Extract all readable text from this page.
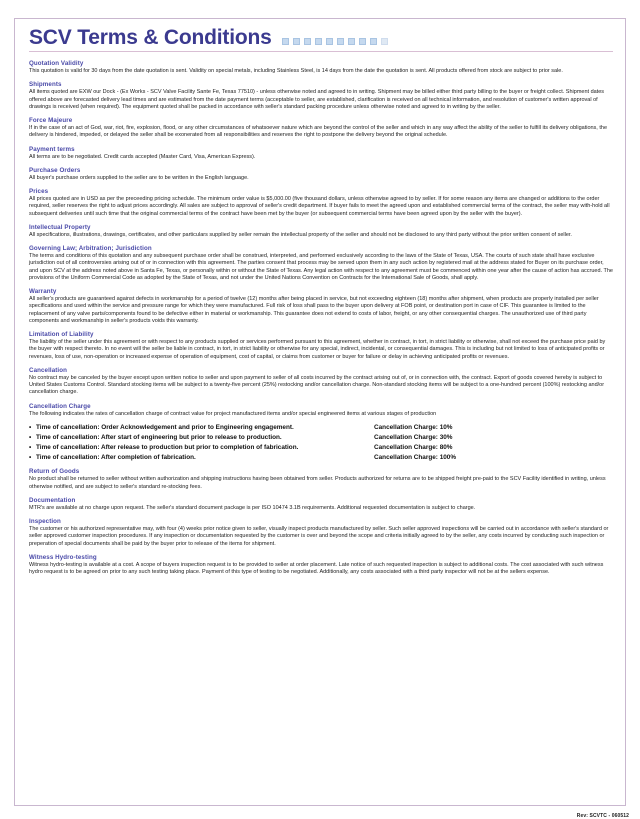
SCV Terms & Conditions
Quotation Validity

This quotation is valid for 30 days from the date quotation is sent. Validity on special metals, including Stainless Steel, is 14 days from the date the quotation is sent. All products offered from stock are subject to prior sale.

Shipments

All items quoted are EXW our Dock - (Ex Works - SCV Valve Facility Sante Fe, Texas 77510) - unless otherwise noted and agreed to in writing. Shipment may be billed either third party billing to the buyer or freight collect. Shipment dates offered above are forecasted delivery lead times and are estimated from the date payment terms (acceptable to seller, are established, clarification is received on all technical information, and resolution of customer's written approval of drawings is received (when required). The equipment quoted shall be packed in accordance with seller's standard packing procedure unless otherwise noted and agreed to in writing by the seller.

Force Majeure

If in the case of an act of God, war, riot, fire, explosion, flood, or any other circumstances of whatsoever nature which are beyond the control of the seller and which in any way affect the ability of the seller to fulfill its delivery obligations, the delivery is hindered, impeded, or delayed the seller shall be exonerated from all responsibilities and reserves the right to postpone the delivery beyond the original schedule.

Payment terms

All terms are to be negotiated. Credit cards accepted (Master Card, Visa, American Express).

Purchase Orders

All buyer's purchase orders supplied to the seller are to be written in the English language.

Prices

All prices quoted are in USD as per the preceeding pricing schedule. The minimum order value is $5,000.00 (five thousand dollars, unless otherwise agreed to by seller. If for some reason any items are changed or additions to the order required, seller reserves the right to adjust prices accordingly. All sales are subject to approval of seller's credit department. If buyer fails to meet the agreed upon and established commercial terms of the contract, the seller may with-hold all subsequent deliveries until such time that the original commercial terms of the contract have been met by the buyer (or subsequent commercial terms have been agreed upon by the seller with the buyer).

Intellectual Property

All specifications, illustrations, drawings, certificates, and other particulars supplied by seller remain the intellectual property of the seller and should not be disclosed to any third party without the prior written consent of seller.

Governing Law; Arbitration; Jurisdiction

The terms and conditions of this quotation and any subsequent purchase order shall be construed, interpreted, and performed exclusively according to the laws of the State of Texas, USA. The courts of such state shall have exclusive jurisdiction out of all controversies arising out of or in connection with this agreement. The parties consent that process may be served upon them in any such action by registered mail at the address stated for Buyer on its purchase order, and upon SCV at the address noted above in Santa Fe, Texas, or personally within or without the State of Texas. Any legal action with respect to any agreement must be commenced within one year after the cause of action has accrued. The provisions of the Uniform Commercial Code as adopted by the State of Texas, and not under the United Nations Convention on Contracts for the International Sale of Goods, shall apply.

Warranty

All seller's products are guaranteed against defects in workmanship for a period of twelve (12) months after being placed in service, but not exceeding eighteen (18) months after shipment, when products are properly installed per seller specifications and used within the service and pressure range for which they were manufactured. Full risk of loss shall pass to the buyer upon delivery at FOB point, or destination port in case of CIF. This guarantee is limited to the replacement of any valve parts/components found to be defective either in material or workmanship. This guarantee does not extend to costs of labor, freight, or any other consequential charges. The unauthorized use of third party components and workmanship in seller's products voids this warranty.

Limitation of Liability

The liability of the seller under this agreement or with respect to any products supplied or services performed pursuant to this agreement, whether in contract, in tort, in strict liability or otherwise, shall not exceed the purchase price paid by the buyer with respect thereto. In no event will the seller be liable in contract, in tort, in strict liability or otherwise for any special, indirect, incidental, or consequential damages. This is including but not limited to loss of anticipated profits or revenues, loss of use, non-operation or increased expense of operation of equipment, cost of capital, or claims from customer or buyer for failure or delay in achieving anticipated profits or revenues.

Cancellation

No contract may be canceled by the buyer except upon written notice to seller and upon payment to seller of all costs incurred by the contract arising out of, or in connection with, the contract. Export of goods covered hereby is subject to United States Customs Control. Standard stocking items will be subject to a twenty-five percent (25%) restocking and/or cancellation charge. Non-standard stocking items will be subject to a one-hundred percent (100%) restocking and/or cancellation charge.

Cancellation Charge

The following indicates the rates of cancellation charge of contract value for project manufactured items and/or special engineered items at various stages of production

• Time of cancellation: Order Acknowledgement and prior to Engineering engagement.	Cancellation Charge: 10%
• Time of cancellation: After start of engineering but prior to release to production.	Cancellation Charge: 30%
• Time of cancellation: After release to production but prior to completion of fabrication.	Cancellation Charge: 80%
• Time of cancellation: After completion of fabrication.	Cancellation Charge: 100%
Return of Goods

No product shall be returned to seller without written authorization and shipping instructions having been obtained from seller. Products authorized for returns are to be shipped freight pre-paid to the SCV Facility identified in writing, unless otherwise notified, and are subject to seller's standard re-stocking fees.

Documentation

MTR's are available at no charge upon request. The seller's standard document package is per ISO 10474 3.1B requirements. Additional requested documentation is subject to charge.

Inspection

The customer or his authorized representative may, with four (4) weeks prior notice given to seller, visually inspect products manufactured by seller. Such seller approved inspections will be carried out in accordance with seller's standard or seller approved customer inspection procedures. If any inspection or documentation requested by the customer is over and beyond the scope and criteria initially agreed to by the seller, any costs incurred by conducting such inspection or preperation of special documents shall be paid by the buyer prior to release of the items for shipment.

Witness Hydro-testing

Witness hydro-testing is available at a cost. A scope of buyers inspection request is to be provided to seller at order placement. Late notice of such requested inspection is subject to additional costs. The cost associated with such witness hydro request is to be agreed on prior to any such testing taking place. Payment of this type of testing to be negotiated. Additionally, any costs associated with a third party inspector will not be at the sellers expense.

Rev: SCVTC - 060512
